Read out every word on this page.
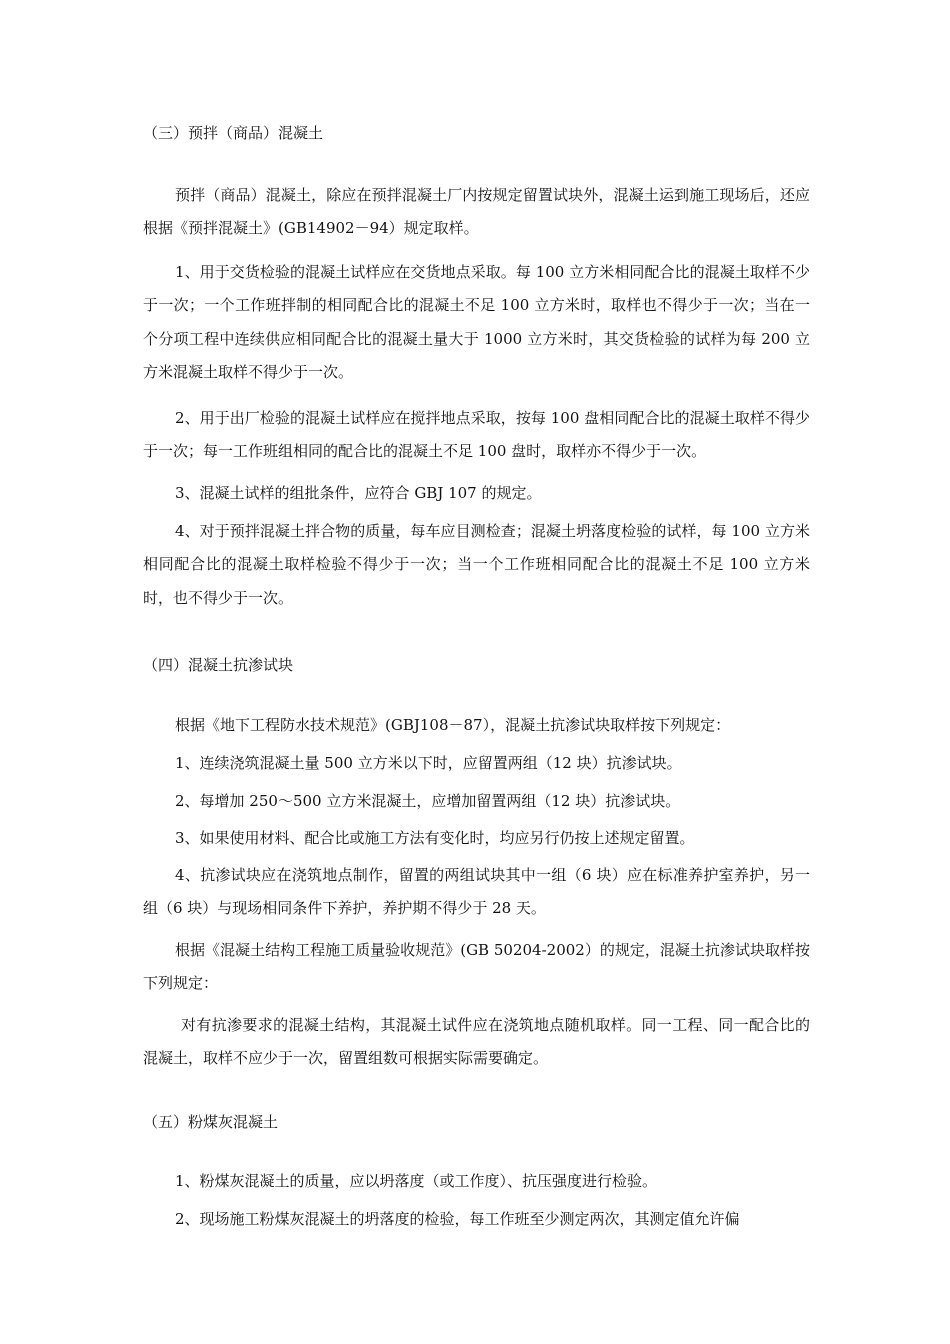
（三）预拌（商品）混凝土

预拌（商品）混凝土，除应在预拌混凝土厂内按规定留置试块外，混凝土运到施工现场后，还应根据《预拌混凝土》(GB14902－94）规定取样。

1、用于交货检验的混凝土试样应在交货地点采取。每 100 立方米相同配合比的混凝土取样不少于一次；一个工作班拌制的相同配合比的混凝土不足 100 立方米时，取样也不得少于一次；当在一个分项工程中连续供应相同配合比的混凝土量大于 1000 立方米时，其交货检验的试样为每 200 立方米混凝土取样不得少于一次。

2、用于出厂检验的混凝土试样应在搅拌地点采取，按每 100 盘相同配合比的混凝土取样不得少于一次；每一工作班组相同的配合比的混凝土不足 100 盘时，取样亦不得少于一次。

3、混凝土试样的组批条件，应符合 GBJ 107 的规定。

4、对于预拌混凝土拌合物的质量，每车应目测检查；混凝土坍落度检验的试样，每 100 立方米相同配合比的混凝土取样检验不得少于一次；当一个工作班相同配合比的混凝土不足 100 立方米时，也不得少于一次。

（四）混凝土抗渗试块

根据《地下工程防水技术规范》(GBJ108－87），混凝土抗渗试块取样按下列规定：

1、连续浇筑混凝土量 500 立方米以下时，应留置两组（12 块）抗渗试块。

2、每增加 250～500 立方米混凝土，应增加留置两组（12 块）抗渗试块。

3、如果使用材料、配合比或施工方法有变化时，均应另行仍按上述规定留置。

4、抗渗试块应在浇筑地点制作，留置的两组试块其中一组（6 块）应在标准养护室养护，另一组（6 块）与现场相同条件下养护，养护期不得少于 28 天。

根据《混凝土结构工程施工质量验收规范》(GB 50204-2002）的规定，混凝土抗渗试块取样按下列规定：

对有抗渗要求的混凝土结构，其混凝土试件应在浇筑地点随机取样。同一工程、同一配合比的混凝土，取样不应少于一次，留置组数可根据实际需要确定。

（五）粉煤灰混凝土

1、粉煤灰混凝土的质量，应以坍落度（或工作度）、抗压强度进行检验。

2、现场施工粉煤灰混凝土的坍落度的检验，每工作班至少测定两次，其测定值允许偏
